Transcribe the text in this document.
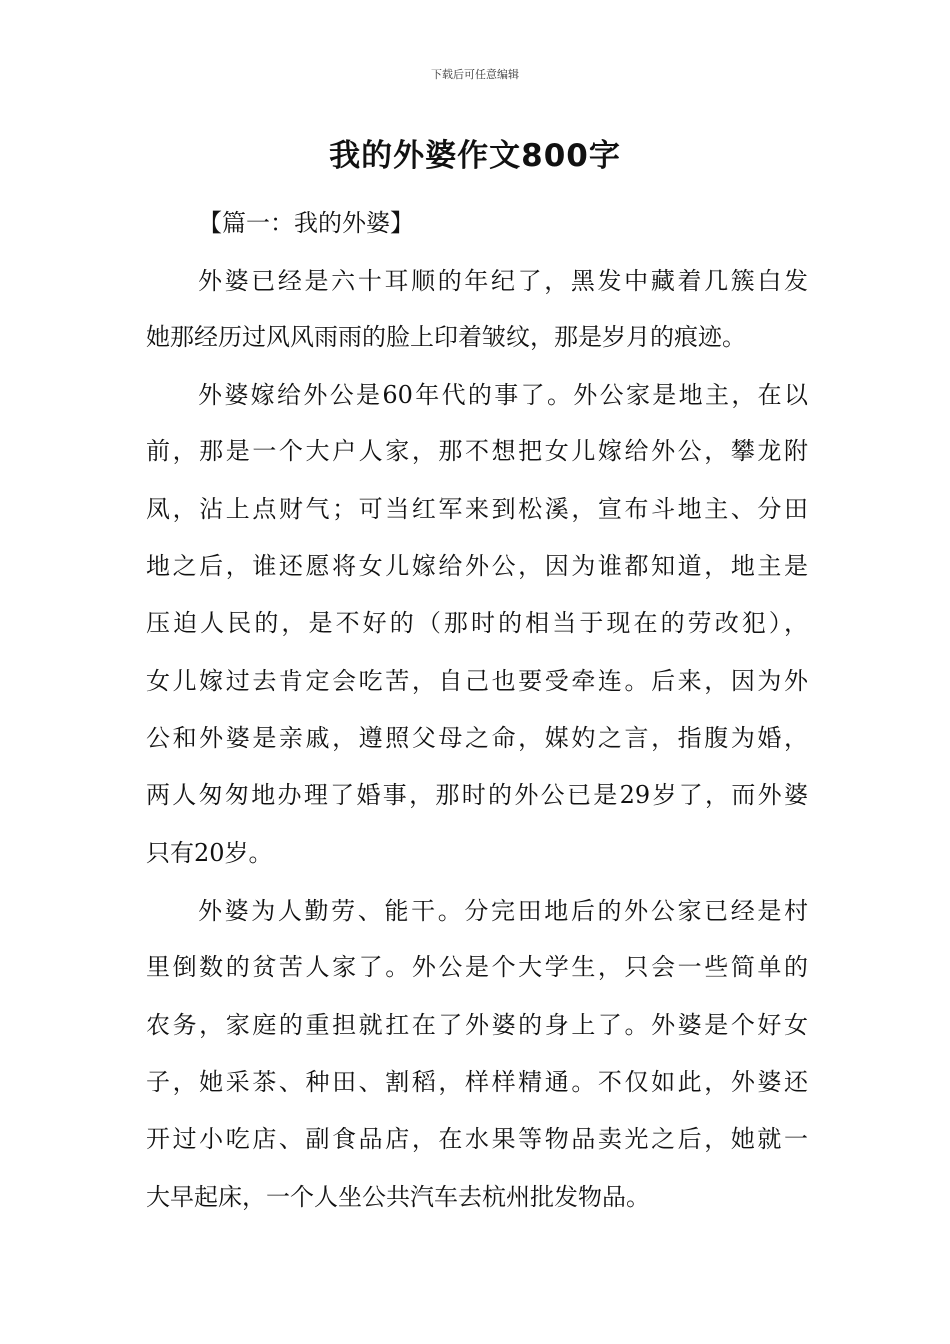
下载后可任意编辑
我的外婆作文800字
【篇一：我的外婆】
外婆已经是六十耳顺的年纪了，黑发中藏着几簇白发
她那经历过风风雨雨的脸上印着皱纹，那是岁月的痕迹。
外婆嫁给外公是60年代的事了。外公家是地主，在以
前，那是一个大户人家，那不想把女儿嫁给外公，攀龙附
凤，沾上点财气；可当红军来到松溪，宣布斗地主、分田
地之后，谁还愿将女儿嫁给外公，因为谁都知道，地主是
压迫人民的，是不好的（那时的相当于现在的劳改犯），
女儿嫁过去肯定会吃苦，自己也要受牵连。后来，因为外
公和外婆是亲戚，遵照父母之命，媒妁之言，指腹为婚，
两人匆匆地办理了婚事，那时的外公已是29岁了，而外婆
只有20岁。
外婆为人勤劳、能干。分完田地后的外公家已经是村
里倒数的贫苦人家了。外公是个大学生，只会一些简单的
农务，家庭的重担就扛在了外婆的身上了。外婆是个好女
子，她采茶、种田、割稻，样样精通。不仅如此，外婆还
开过小吃店、副食品店，在水果等物品卖光之后，她就一
大早起床，一个人坐公共汽车去杭州批发物品。
